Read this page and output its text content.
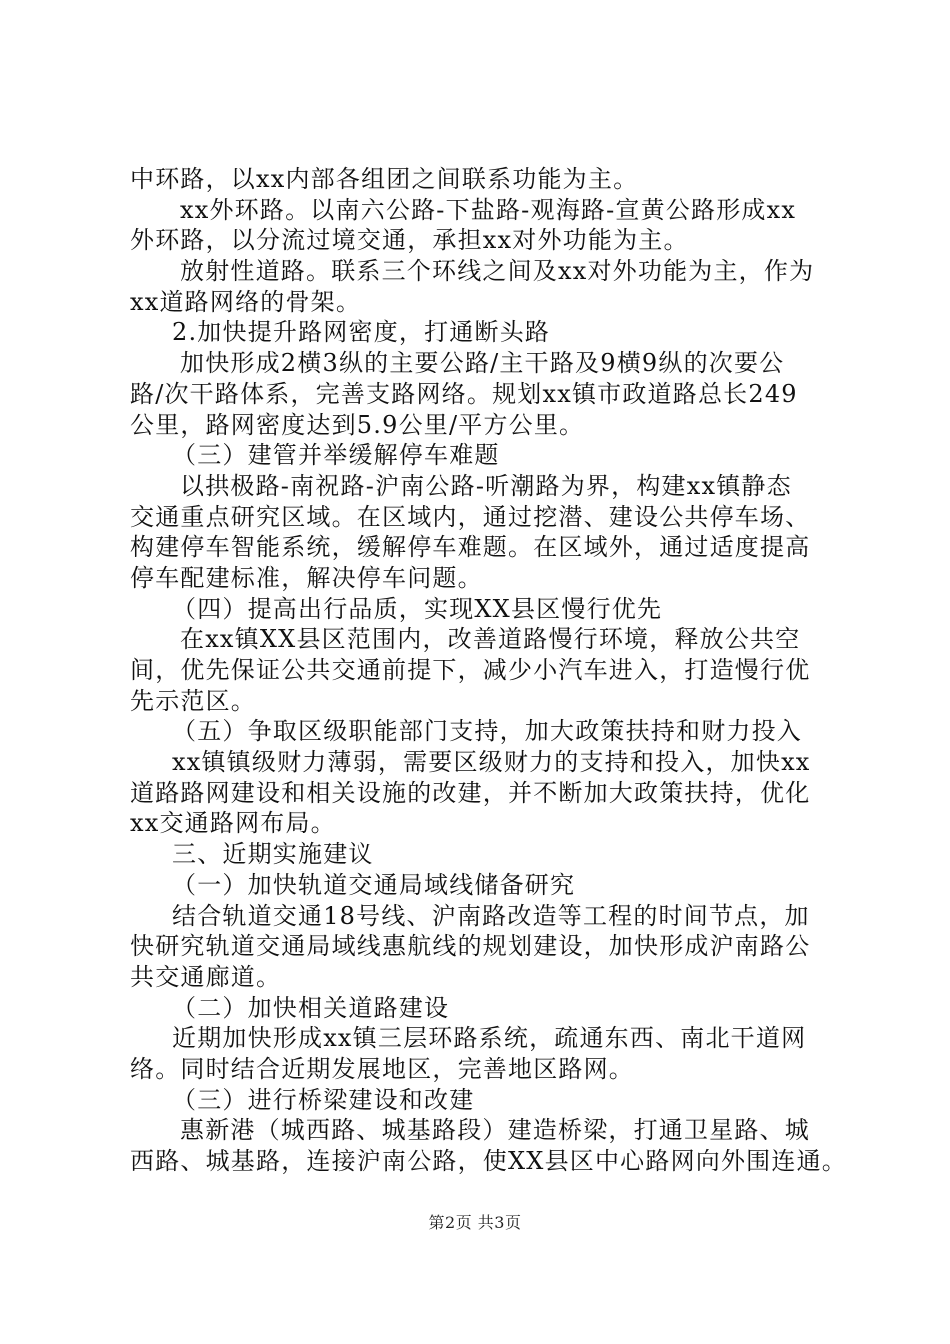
中环路，以xx内部各组团之间联系功能为主。
xx外环路。以南六公路-下盐路-观海路-宣黄公路形成xx
外环路，以分流过境交通，承担xx对外功能为主。
放射性道路。联系三个环线之间及xx对外功能为主，作为
xx道路网络的骨架。
2.加快提升路网密度，打通断头路
加快形成2横3纵的主要公路/主干路及9横9纵的次要公
路/次干路体系，完善支路网络。规划xx镇市政道路总长249
公里，路网密度达到5.9公里/平方公里。
（三）建管并举缓解停车难题
以拱极路-南祝路-沪南公路-听潮路为界，构建xx镇静态
交通重点研究区域。在区域内，通过挖潜、建设公共停车场、
构建停车智能系统，缓解停车难题。在区域外，通过适度提高
停车配建标准，解决停车问题。
（四）提高出行品质，实现XX县区慢行优先
在xx镇XX县区范围内，改善道路慢行环境，释放公共空
间，优先保证公共交通前提下，减少小汽车进入，打造慢行优
先示范区。
（五）争取区级职能部门支持，加大政策扶持和财力投入
xx镇镇级财力薄弱，需要区级财力的支持和投入，加快xx
道路路网建设和相关设施的改建，并不断加大政策扶持，优化
xx交通路网布局。
三、近期实施建议
（一）加快轨道交通局域线储备研究
结合轨道交通18号线、沪南路改造等工程的时间节点，加
快研究轨道交通局域线惠航线的规划建设，加快形成沪南路公
共交通廊道。
（二）加快相关道路建设
近期加快形成xx镇三层环路系统，疏通东西、南北干道网
络。同时结合近期发展地区，完善地区路网。
（三）进行桥梁建设和改建
惠新港（城西路、城基路段）建造桥梁，打通卫星路、城
西路、城基路，连接沪南公路，使XX县区中心路网向外围连通。
第2页 共3页
